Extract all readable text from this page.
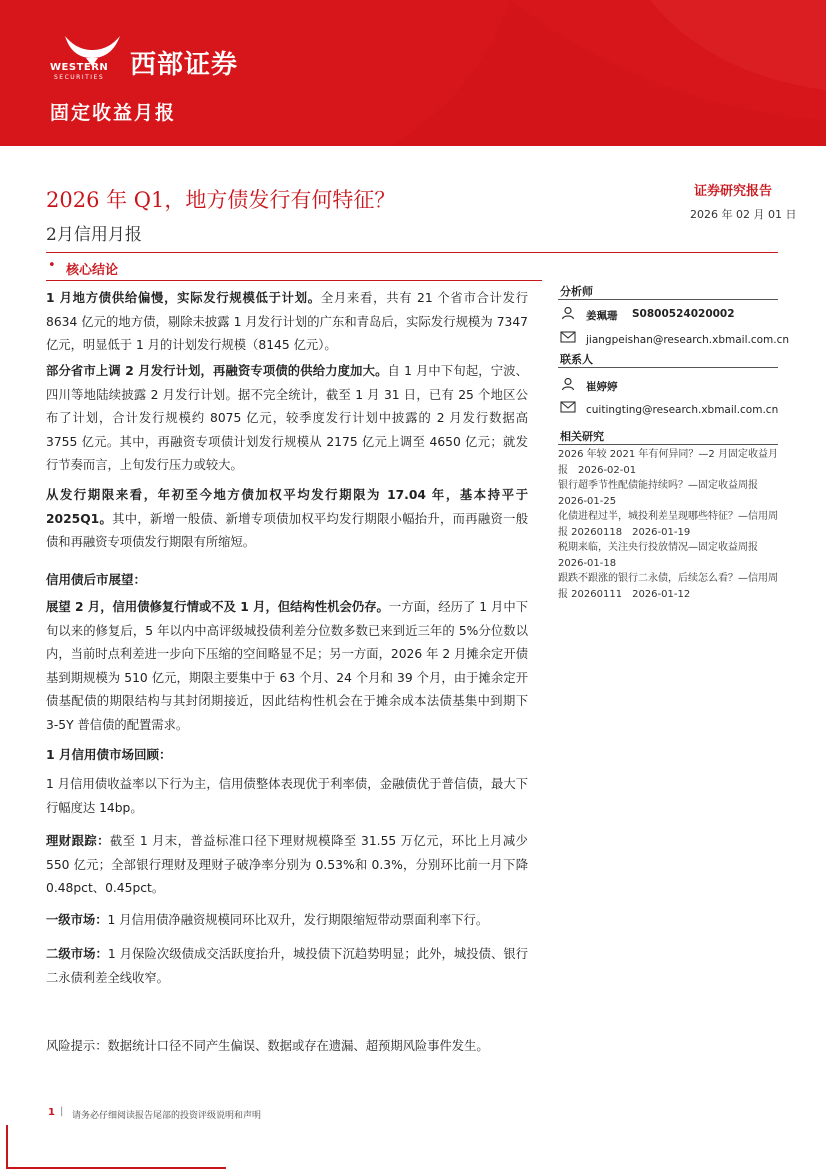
WESTERN
SECURITIES 西部证券
固定收益月报
2026 年 Q1，地方债发行有何特征？
2月信用月报
证券研究报告
2026 年 02 月 01 日
• 核心结论
1 月地方债供给偏慢，实际发行规模低于计划。全月来看，共有 21 个省市合计发行 8634 亿元的地方债，剔除未披露 1 月发行计划的广东和青岛后，实际发行规模为 7347 亿元，明显低于 1 月的计划发行规模（8145 亿元）。
部分省市上调 2 月发行计划，再融资专项债的供给力度加大。自 1 月中下旬起，宁波、四川等地陆续披露 2 月发行计划。据不完全统计，截至 1 月 31 日，已有 25 个地区公布了计划，合计发行规模约 8075 亿元，较季度发行计划中披露的 2 月发行数据高 3755 亿元。其中，再融资专项债计划发行规模从 2175 亿元上调至 4650 亿元；就发行节奏而言，上旬发行压力或较大。
从发行期限来看，年初至今地方债加权平均发行期限为 17.04 年，基本持平于 2025Q1。其中，新增一般债、新增专项债加权平均发行期限小幅抬升，而再融资一般债和再融资专项债发行期限有所缩短。
信用债后市展望：
展望 2 月，信用债修复行情或不及 1 月，但结构性机会仍存。一方面，经历了 1 月中下旬以来的修复后，5 年以内中高评级城投债利差分位数多数已来到近三年的 5%分位数以内，当前时点利差进一步向下压缩的空间略显不足；另一方面，2026 年 2 月摊余定开债基到期规模为 510 亿元，期限主要集中于 63 个月、24 个月和 39 个月，由于摊余定开债基配债的期限结构与其封闭期接近，因此结构性机会在于摊余成本法债基集中到期下 3-5Y 普信债的配置需求。
1 月信用债市场回顾：
1 月信用债收益率以下行为主，信用债整体表现优于利率债，金融债优于普信债，最大下行幅度达 14bp。
理财跟踪：截至 1 月末，普益标准口径下理财规模降至 31.55 万亿元，环比上月减少 550 亿元；全部银行理财及理财子破净率分别为 0.53%和 0.3%，分别环比前一月下降 0.48pct、0.45pct。
一级市场：1 月信用债净融资规模同环比双升，发行期限缩短带动票面利率下行。
二级市场：1 月保险次级债成交活跃度抬升，城投债下沉趋势明显；此外，城投债、银行二永债利差全线收窄。
风险提示：数据统计口径不同产生偏误、数据或存在遗漏、超预期风险事件发生。
分析师
姜珮珊 S0800524020002
jiangpeishan@research.xbmail.com.cn
联系人
崔婷婷
cuitingting@research.xbmail.com.cn
相关研究
2026 年较 2021 年有何异同？—2 月固定收益月报　2026-02-01
银行超季节性配债能持续吗？—固定收益周报　2026-01-25
化债进程过半，城投利差呈现哪些特征？—信用周报 20260118　2026-01-19
税期来临，关注央行投放情况—固定收益周报 2026-01-18
跟跌不跟涨的银行二永债，后续怎么看？—信用周报 20260111　2026-01-12
1 | 请务必仔细阅读报告尾部的投资评级说明和声明
